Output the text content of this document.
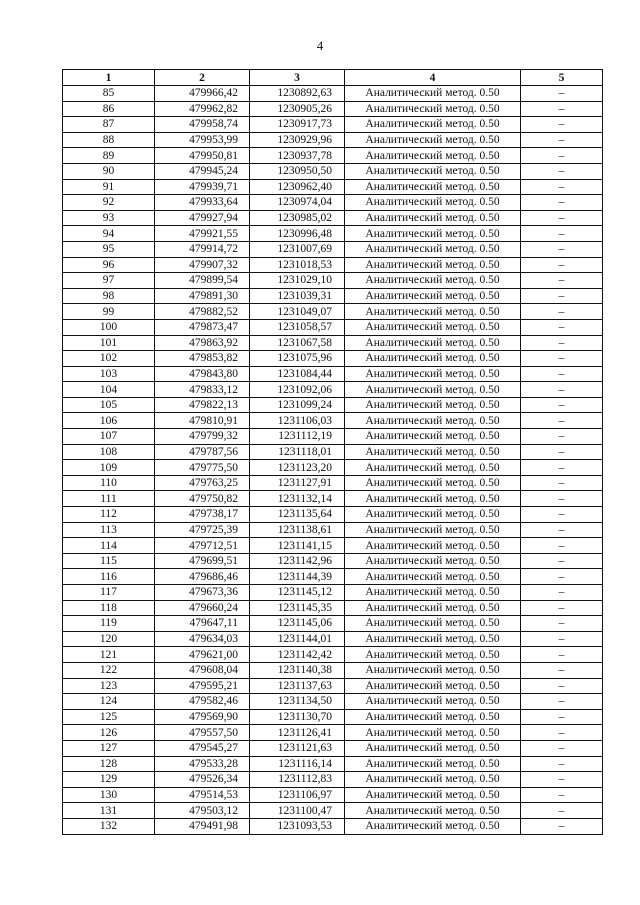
4
1	2	3	4	5
85	479966,42	1230892,63	Аналитический метод. 0.50	–
86	479962,82	1230905,26	Аналитический метод. 0.50	–
87	479958,74	1230917,73	Аналитический метод. 0.50	–
88	479953,99	1230929,96	Аналитический метод. 0.50	–
89	479950,81	1230937,78	Аналитический метод. 0.50	–
90	479945,24	1230950,50	Аналитический метод. 0.50	–
91	479939,71	1230962,40	Аналитический метод. 0.50	–
92	479933,64	1230974,04	Аналитический метод. 0.50	–
93	479927,94	1230985,02	Аналитический метод. 0.50	–
94	479921,55	1230996,48	Аналитический метод. 0.50	–
95	479914,72	1231007,69	Аналитический метод. 0.50	–
96	479907,32	1231018,53	Аналитический метод. 0.50	–
97	479899,54	1231029,10	Аналитический метод. 0.50	–
98	479891,30	1231039,31	Аналитический метод. 0.50	–
99	479882,52	1231049,07	Аналитический метод. 0.50	–
100	479873,47	1231058,57	Аналитический метод. 0.50	–
101	479863,92	1231067,58	Аналитический метод. 0.50	–
102	479853,82	1231075,96	Аналитический метод. 0.50	–
103	479843,80	1231084,44	Аналитический метод. 0.50	–
104	479833,12	1231092,06	Аналитический метод. 0.50	–
105	479822,13	1231099,24	Аналитический метод. 0.50	–
106	479810,91	1231106,03	Аналитический метод. 0.50	–
107	479799,32	1231112,19	Аналитический метод. 0.50	–
108	479787,56	1231118,01	Аналитический метод. 0.50	–
109	479775,50	1231123,20	Аналитический метод. 0.50	–
110	479763,25	1231127,91	Аналитический метод. 0.50	–
111	479750,82	1231132,14	Аналитический метод. 0.50	–
112	479738,17	1231135,64	Аналитический метод. 0.50	–
113	479725,39	1231138,61	Аналитический метод. 0.50	–
114	479712,51	1231141,15	Аналитический метод. 0.50	–
115	479699,51	1231142,96	Аналитический метод. 0.50	–
116	479686,46	1231144,39	Аналитический метод. 0.50	–
117	479673,36	1231145,12	Аналитический метод. 0.50	–
118	479660,24	1231145,35	Аналитический метод. 0.50	–
119	479647,11	1231145,06	Аналитический метод. 0.50	–
120	479634,03	1231144,01	Аналитический метод. 0.50	–
121	479621,00	1231142,42	Аналитический метод. 0.50	–
122	479608,04	1231140,38	Аналитический метод. 0.50	–
123	479595,21	1231137,63	Аналитический метод. 0.50	–
124	479582,46	1231134,50	Аналитический метод. 0.50	–
125	479569,90	1231130,70	Аналитический метод. 0.50	–
126	479557,50	1231126,41	Аналитический метод. 0.50	–
127	479545,27	1231121,63	Аналитический метод. 0.50	–
128	479533,28	1231116,14	Аналитический метод. 0.50	–
129	479526,34	1231112,83	Аналитический метод. 0.50	–
130	479514,53	1231106,97	Аналитический метод. 0.50	–
131	479503,12	1231100,47	Аналитический метод. 0.50	–
132	479491,98	1231093,53	Аналитический метод. 0.50	–
